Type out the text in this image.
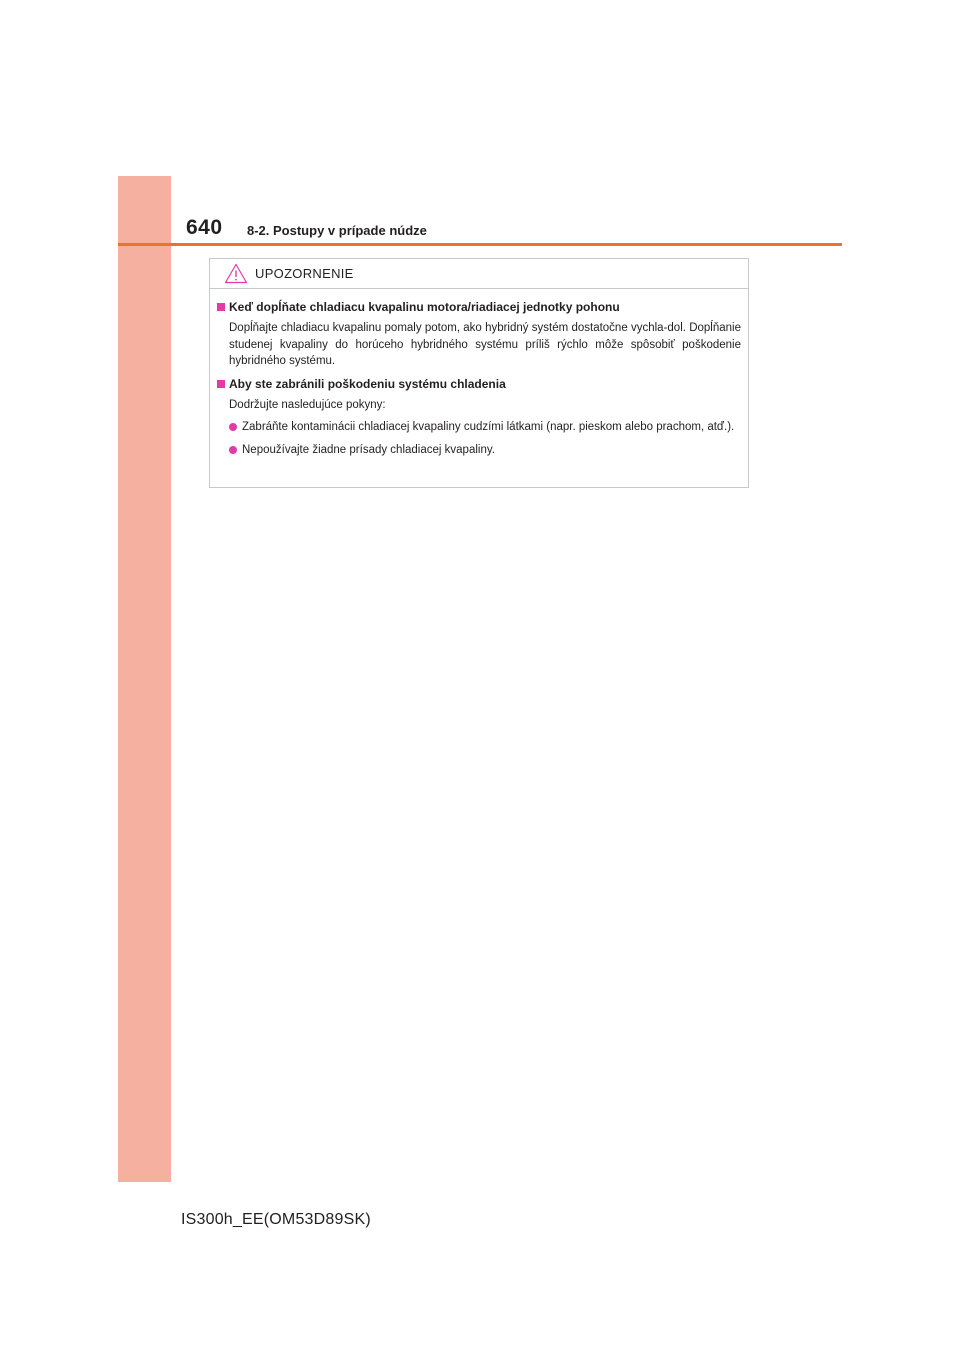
640 8-2. Postupy v prípade núdze
UPOZORNENIE
Keď dopĺňate chladiacu kvapalinu motora/riadiacej jednotky pohonu
Dopĺňajte chladiacu kvapalinu pomaly potom, ako hybridný systém dostatočne vychla-dol. Dopĺňanie studenej kvapaliny do horúceho hybridného systému príliš rýchlo môže spôsobiť poškodenie hybridného systému.
Aby ste zabránili poškodeniu systému chladenia
Dodržujte nasledujúce pokyny:
Zabráňte kontaminácii chladiacej kvapaliny cudzími látkami (napr. pieskom alebo prachom, atď.).
Nepoužívajte žiadne prísady chladiacej kvapaliny.
IS300h_EE(OM53D89SK)
